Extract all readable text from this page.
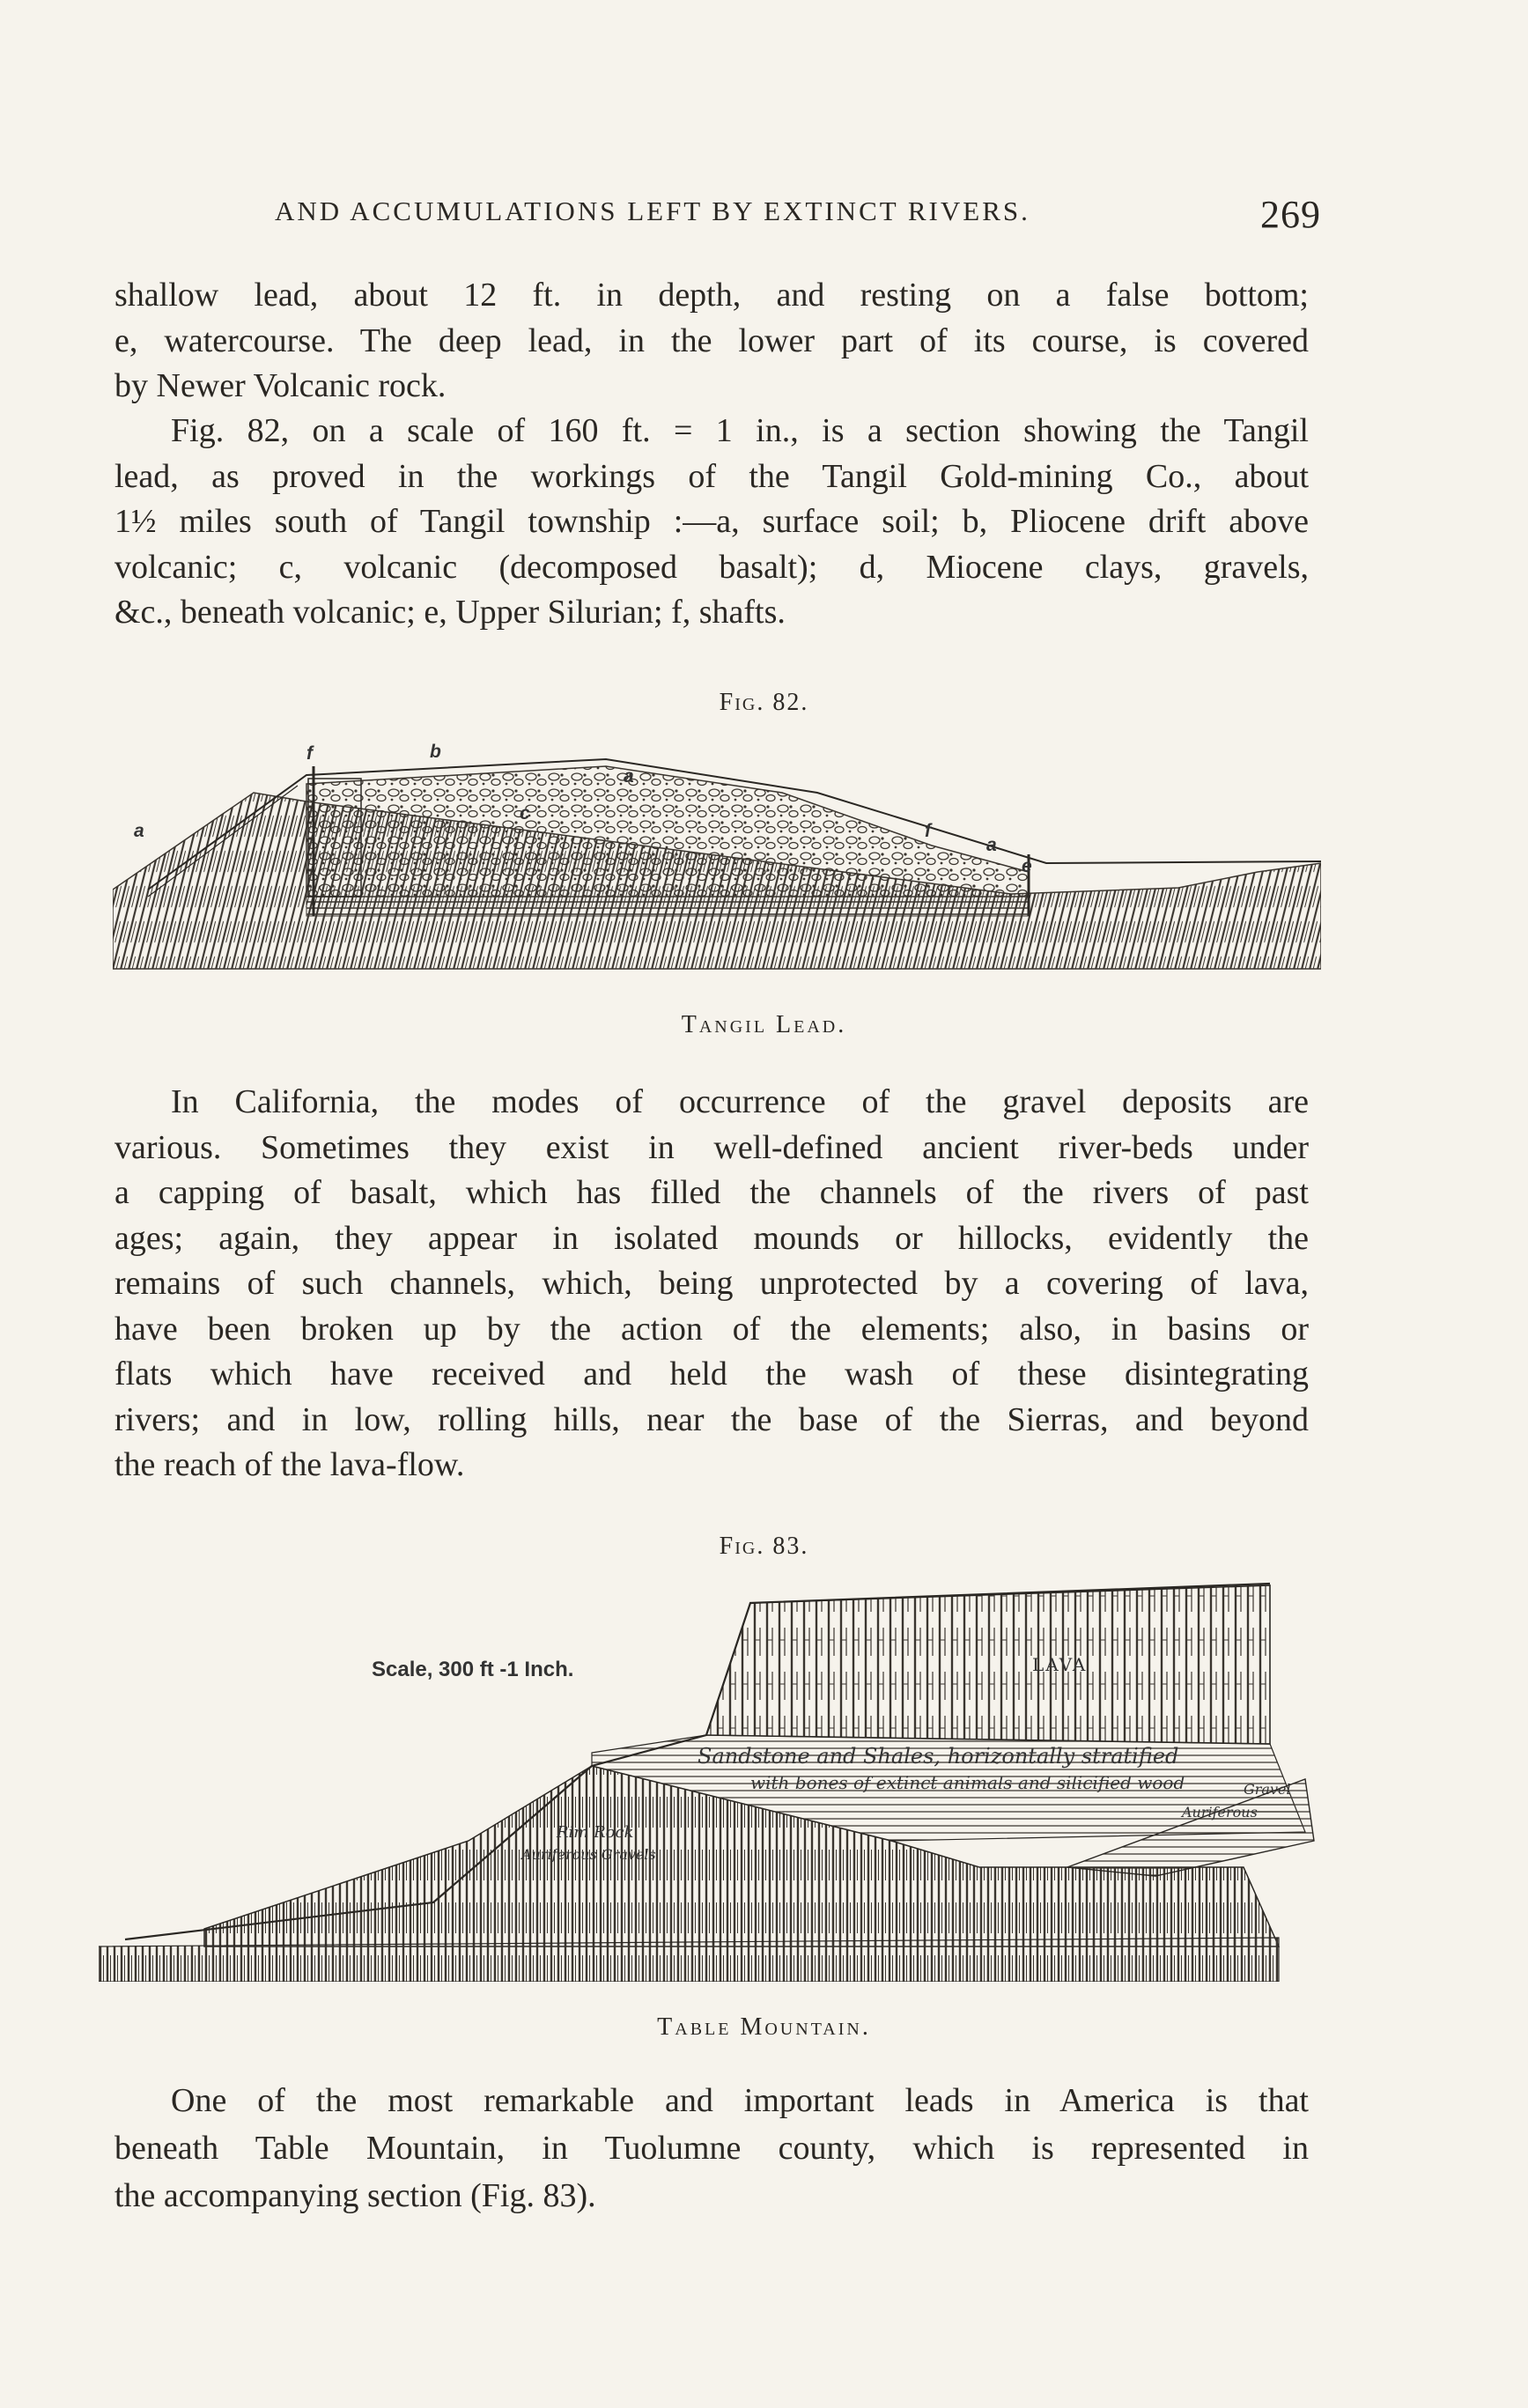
AND ACCUMULATIONS LEFT BY EXTINCT RIVERS.	269

shallow lead, about 12 ft. in depth, and resting on a false bottom;
e, watercourse. The deep lead, in the lower part of its course, is covered
by Newer Volcanic rock.

Fig. 82, on a scale of 160 ft. = 1 in., is a section showing the Tangil
lead, as proved in the workings of the Tangil Gold-mining Co., about
1½ miles south of Tangil township :—a, surface soil; b, Pliocene drift above
volcanic; c, volcanic (decomposed basalt); d, Miocene clays, gravels,
&c., beneath volcanic; e, Upper Silurian; f, shafts.

Fig. 82.
f	b
a
a
c
f
a
e
Tangil Lead.

In California, the modes of occurrence of the gravel deposits are
various. Sometimes they exist in well-defined ancient river-beds under
a capping of basalt, which has filled the channels of the rivers of past
ages; again, they appear in isolated mounds or hillocks, evidently the
remains of such channels, which, being unprotected by a covering of lava,
have been broken up by the action of the elements; also, in basins or
flats which have received and held the wash of these disintegrating
rivers; and in low, rolling hills, near the base of the Sierras, and beyond
the reach of the lava-flow.

Fig. 83.
Scale, 300 ft -1 Inch.	LAVA
Sandstone and Shales, horizontally stratified
with bones of extinct animals and silicified wood
Rim Rock
Auriferous Gravels
Gravel
Auriferous
Table Mountain.

One of the most remarkable and important leads in America is that
beneath Table Mountain, in Tuolumne county, which is represented in
the accompanying section (Fig. 83).
